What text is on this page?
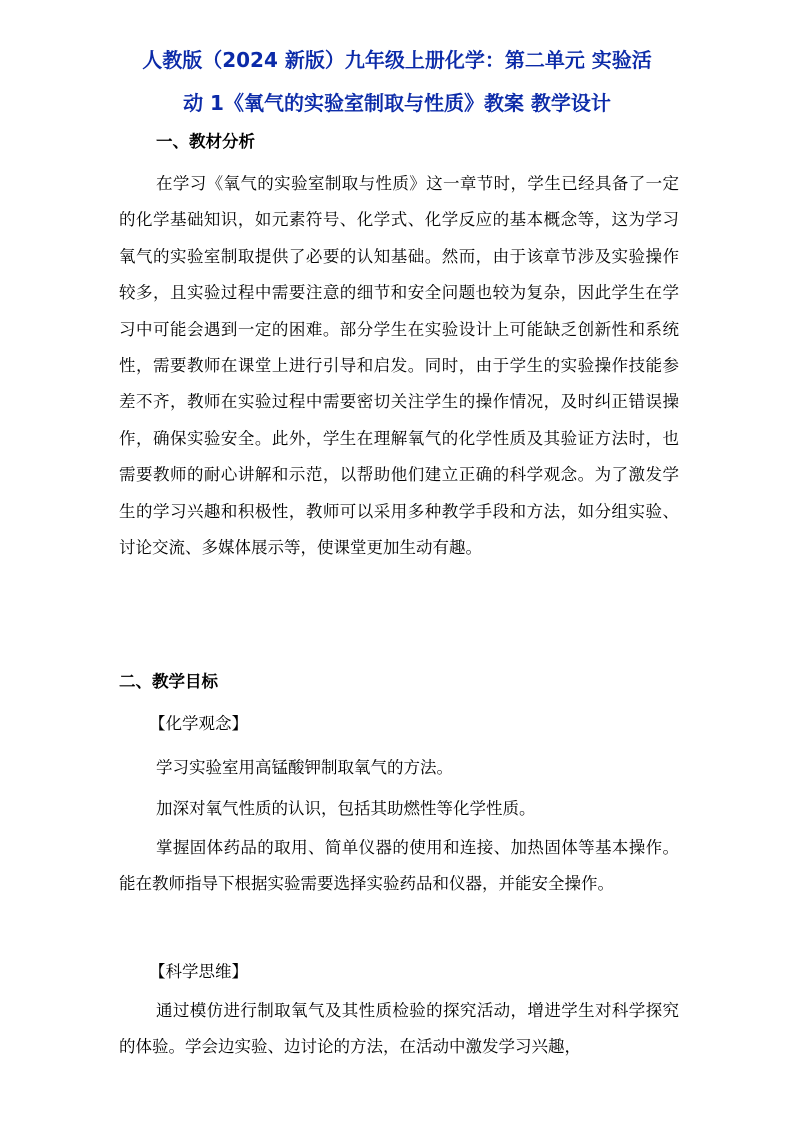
人教版（2024 新版）九年级上册化学：第二单元 实验活
动 1《氧气的实验室制取与性质》教案 教学设计
一、教材分析
在学习《氧气的实验室制取与性质》这一章节时，学生已经具备了一定的化学基础知识，如元素符号、化学式、化学反应的基本概念等，这为学习氧气的实验室制取提供了必要的认知基础。然而，由于该章节涉及实验操作较多，且实验过程中需要注意的细节和安全问题也较为复杂，因此学生在学习中可能会遇到一定的困难。部分学生在实验设计上可能缺乏创新性和系统性，需要教师在课堂上进行引导和启发。同时，由于学生的实验操作技能参差不齐，教师在实验过程中需要密切关注学生的操作情况，及时纠正错误操作，确保实验安全。此外，学生在理解氧气的化学性质及其验证方法时，也需要教师的耐心讲解和示范，以帮助他们建立正确的科学观念。为了激发学生的学习兴趣和积极性，教师可以采用多种教学手段和方法，如分组实验、讨论交流、多媒体展示等，使课堂更加生动有趣。
二、教学目标
【化学观念】
学习实验室用高锰酸钾制取氧气的方法。
加深对氧气性质的认识，包括其助燃性等化学性质。
掌握固体药品的取用、简单仪器的使用和连接、加热固体等基本操作。能在教师指导下根据实验需要选择实验药品和仪器，并能安全操作。
【科学思维】
通过模仿进行制取氧气及其性质检验的探究活动，增进学生对科学探究的体验。学会边实验、边讨论的方法，在活动中激发学习兴趣，
